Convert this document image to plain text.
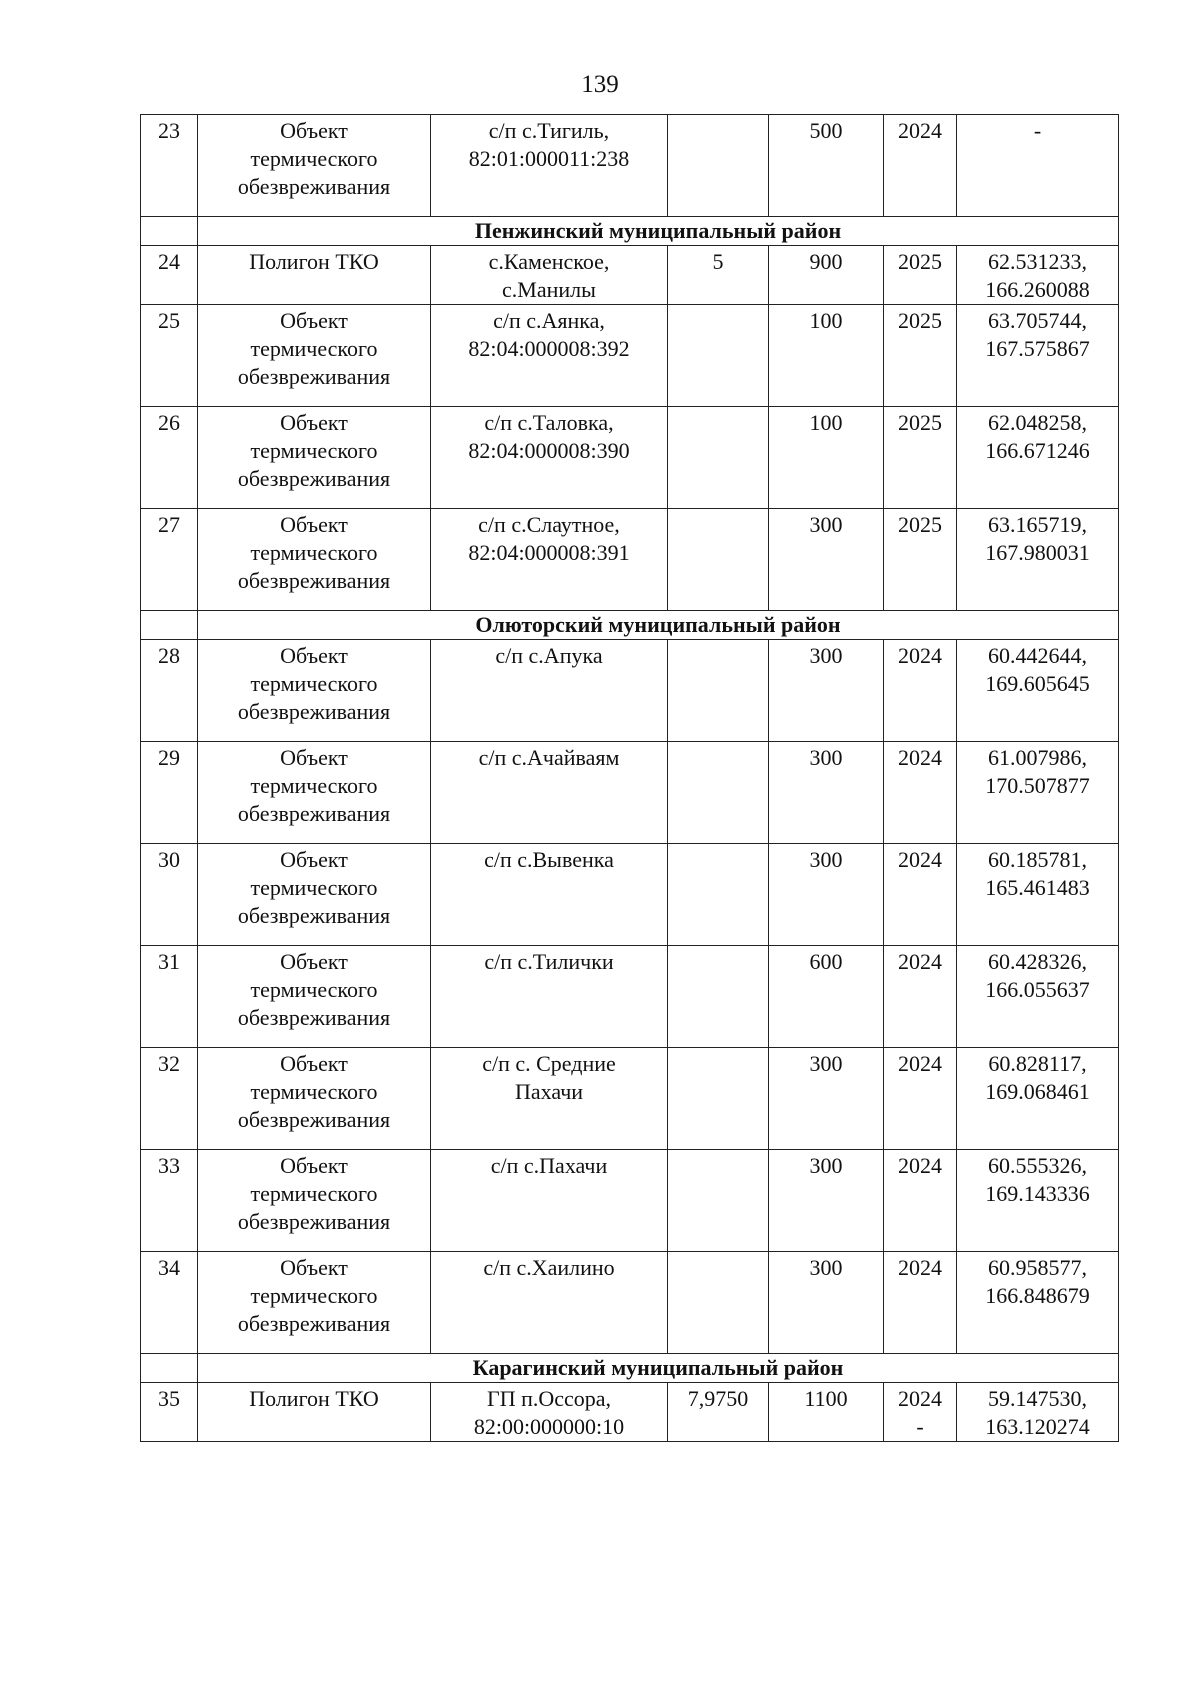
139
23	Объект
термического
обезвреживания	с/п с.Тигиль,
82:01:000011:238		500	2024	-

	Пенжинский муниципальный район					
24	Полигон ТКО	с.Каменское,
с.Манилы	5	900	2025	62.531233,
166.260088

25	Объект
термического
обезвреживания	с/п с.Аянка,
82:04:000008:392		100	2025	63.705744,
167.575867

26	Объект
термического
обезвреживания	с/п с.Таловка,
82:04:000008:390		100	2025	62.048258,
166.671246

27	Объект
термического
обезвреживания	с/п с.Слаутное,
82:04:000008:391		300	2025	63.165719,
167.980031

	Олюторский муниципальный район					
28	Объект
термического
обезвреживания	с/п с.Апука		300	2024	60.442644,
169.605645

29	Объект
термического
обезвреживания	с/п с.Ачайваям		300	2024	61.007986,
170.507877

30	Объект
термического
обезвреживания	с/п с.Вывенка		300	2024	60.185781,
165.461483

31	Объект
термического
обезвреживания	с/п с.Тилички		600	2024	60.428326,
166.055637

32	Объект
термического
обезвреживания	с/п с. Средние
Пахачи		300	2024	60.828117,
169.068461

33	Объект
термического
обезвреживания	с/п с.Пахачи		300	2024	60.555326,
169.143336

34	Объект
термического
обезвреживания	с/п с.Хаилино		300	2024	60.958577,
166.848679

	Карагинский муниципальный район					
35	Полигон ТКО	ГП п.Оссора,
82:00:000000:10	7,9750	1100	2024
-	59.147530,
163.120274
